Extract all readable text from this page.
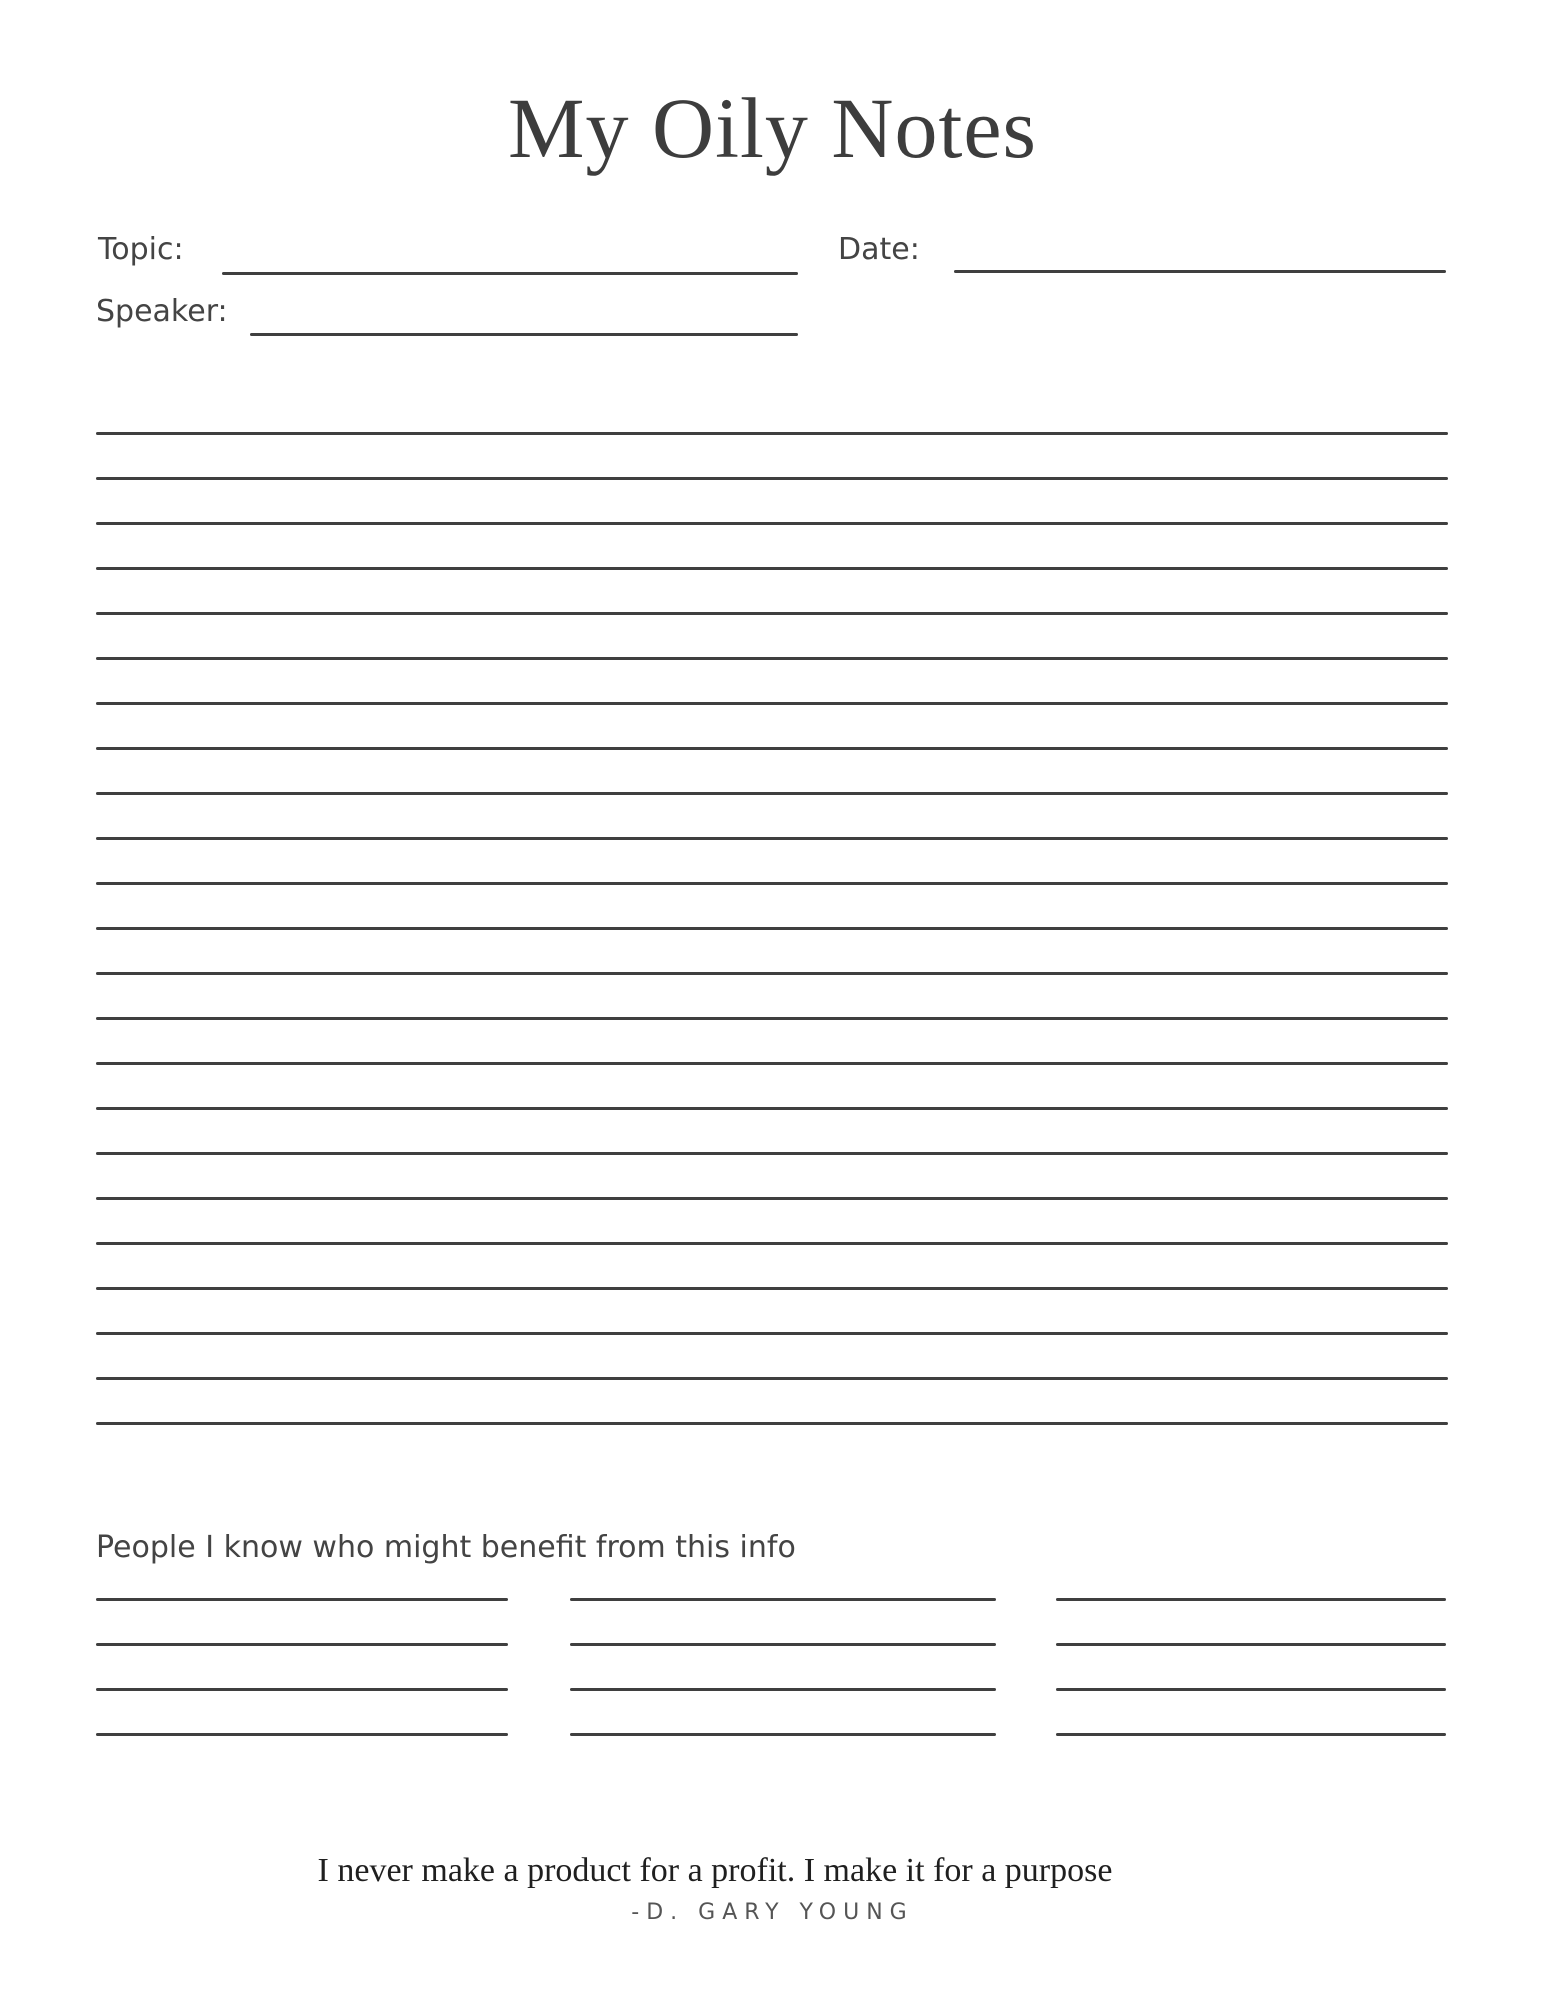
My Oily Notes
Topic:	Date:
Speaker:
People I know who might benefit from this info
I never make a product for a profit. I make it for a purpose
-D. GARY YOUNG
